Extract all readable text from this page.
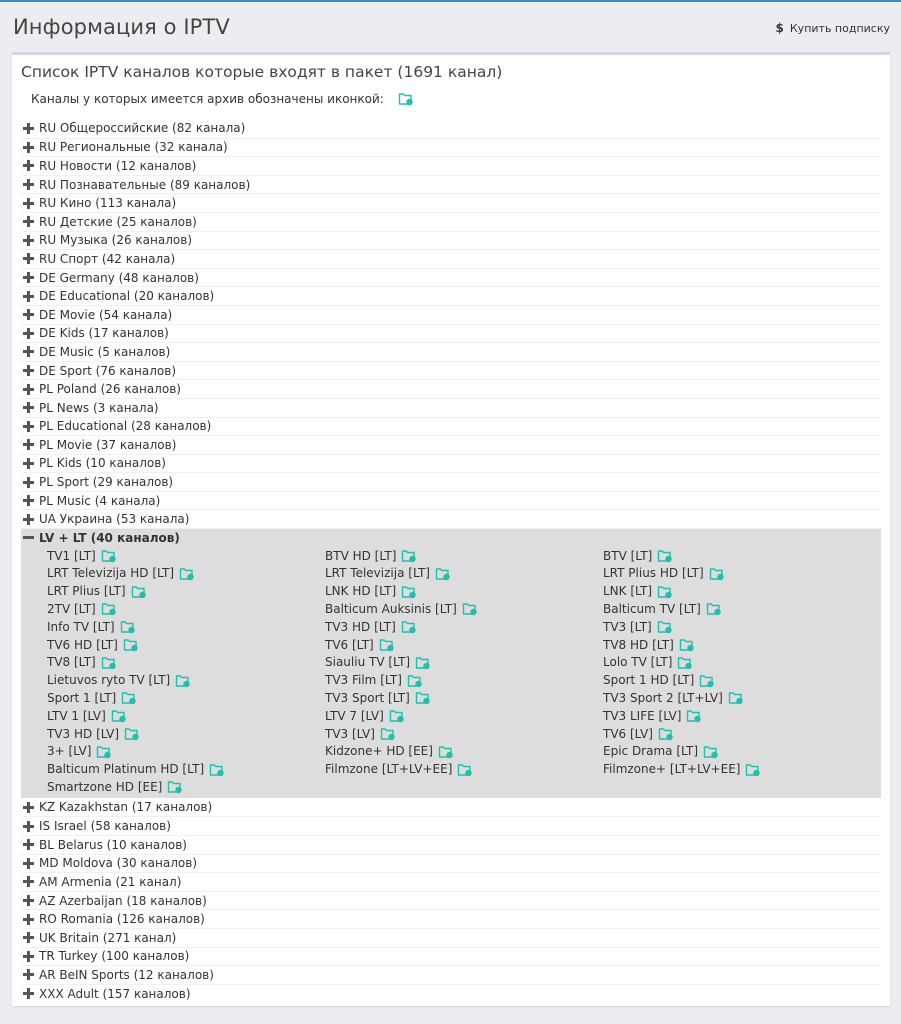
Информация о IPTV	$ Купить подписку
Список IPTV каналов которые входят в пакет (1691 канал)
Каналы у которых имеется архив обозначены иконкой:
RU Общероссийские (82 канала)
RU Региональные (32 канала)
RU Новости (12 каналов)
RU Познавательные (89 каналов)
RU Кино (113 канала)
RU Детские (25 каналов)
RU Музыка (26 каналов)
RU Спорт (42 канала)
DE Germany (48 каналов)
DE Educational (20 каналов)
DE Movie (54 канала)
DE Kids (17 каналов)
DE Music (5 каналов)
DE Sport (76 каналов)
PL Poland (26 каналов)
PL News (3 канала)
PL Educational (28 каналов)
PL Movie (37 каналов)
PL Kids (10 каналов)
PL Sport (29 каналов)
PL Music (4 канала)
UA Украина (53 канала)
LV + LT (40 каналов)
TV1 [LT]	BTV HD [LT]	BTV [LT]
LRT Televizija HD [LT]	LRT Televizija [LT]	LRT Plius HD [LT]
LRT Plius [LT]	LNK HD [LT]	LNK [LT]
2TV [LT]	Balticum Auksinis [LT]	Balticum TV [LT]
Info TV [LT]	TV3 HD [LT]	TV3 [LT]
TV6 HD [LT]	TV6 [LT]	TV8 HD [LT]
TV8 [LT]	Siauliu TV [LT]	Lolo TV [LT]
Lietuvos ryto TV [LT]	TV3 Film [LT]	Sport 1 HD [LT]
Sport 1 [LT]	TV3 Sport [LT]	TV3 Sport 2 [LT+LV]
LTV 1 [LV]	LTV 7 [LV]	TV3 LIFE [LV]
TV3 HD [LV]	TV3 [LV]	TV6 [LV]
3+ [LV]	Kidzone+ HD [EE]	Epic Drama [LT]
Balticum Platinum HD [LT]	Filmzone [LT+LV+EE]	Filmzone+ [LT+LV+EE]
Smartzone HD [EE]
KZ Kazakhstan (17 каналов)
IS Israel (58 каналов)
BL Belarus (10 каналов)
MD Moldova (30 каналов)
AM Armenia (21 канал)
AZ Azerbaijan (18 каналов)
RO Romania (126 каналов)
UK Britain (271 канал)
TR Turkey (100 каналов)
AR BeIN Sports (12 каналов)
XXX Adult (157 каналов)
